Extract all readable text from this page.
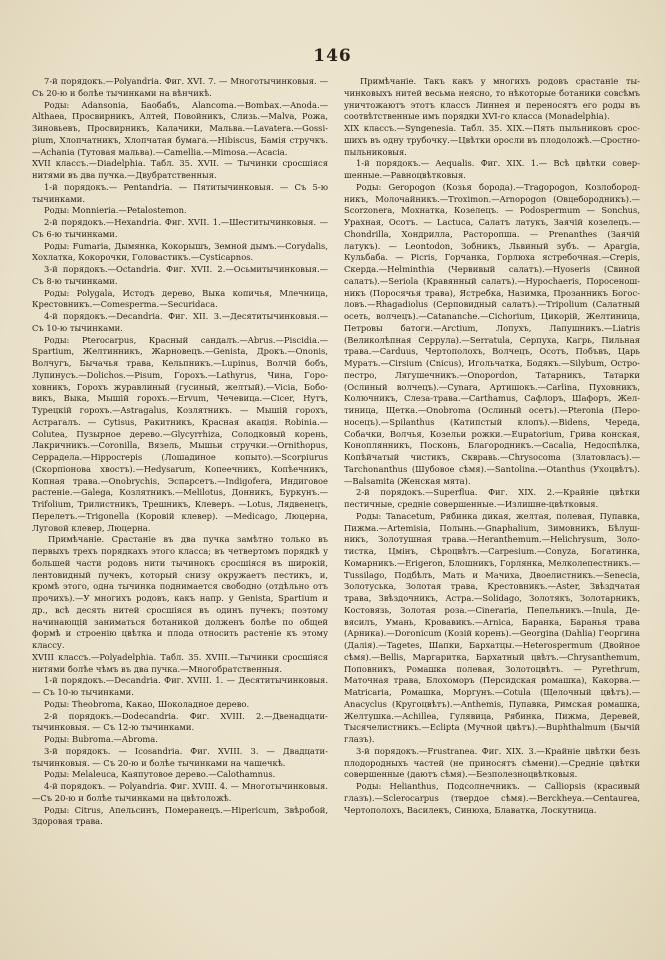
146

7-й порядокъ.—Polyandria. Фиг. XVI. 7. — Многотычинковыя. — Съ 20-ю и болѣе тычинками на вѣнчикѣ.

Роды: Adansonia, Баобабъ, Alancoma.—Bombax.—Anoda.—Althaea, Просвирникъ, Алтей, Повойникъ, Слизь.—Malva, Рожа, Зиновьевъ, Просвирникъ, Калачики, Мальва.—Lavatera.—Gossipium, Хлопчатникъ, Хлопчатая бумага.—Hibiscus, Бамія стручкъ.—Achania (Тутовая мальва).—Camellia.—Mimosa.—Acacia.

XVII классъ.—Diadelphia. Табл. 35. XVII. — Тычинки сросшіяся нитями въ два пучка.—Двубратственныя.

1-й порядокъ.— Pentandria. — Пятитычинковыя. — Съ 5-ю тычинками.

Роды: Monnieria.—Petalostemon.

2-й порядокъ.—Hexandria. Фиг. XVII. 1.—Шеститычинковыя. — Съ 6-ю тычинками.

Роды: Fumaria, Дымянка, Кокорышъ, Земной дымъ.—Corydalis, Хохлатка, Кокорочки, Головастикъ.—Cysticapnos.

3-й порядокъ.—Octandria. Фиг. XVII. 2.—Осьмитычинковыя.—Съ 8-ю тычинками.

Роды: Polygala, Истодъ дерево, Выка копичья, Млечница, Крестовникъ.—Comesperma.—Securidaca.

4-й порядокъ.—Decandria. Фиг. XII. 3.—Десятитычинковыя.—Съ 10-ю тычинками.

Роды: Pterocarpus, Красный сандалъ.—Abrus.—Piscidia.—Spartium, Желтинникъ, Жарновецъ.—Genista, Дрокъ.—Ononis, Волчугъ, Бычачья трава, Кельпникъ.—Lupinus, Волчій бобъ, Лупинусъ.—Dolichos.—Pisum, Горохъ.—Lathyrus, Чина, Гороховникъ, Горохъ журавлиный (гусиный, желтый).—Vicia, Бобовикъ, Выка, Мышій горохъ.—Ervum, Чечевица.—Cicer, Нутъ, Турецкій горохъ.—Astragalus, Козлятникъ. — Мышій горохъ, Астрагалъ. — Cytisus, Ракитникъ, Красная акація. Robinia.—Colutea, Пузырное дерево.—Glycyrrhiza, Солодковый корень, Лакричникъ.—Coronilla, Вязель, Мышьи стручки.—Ornithopus, Серрадела.—Hippocrepis (Лошадиное копыто).—Scorpiurus (Скорпіонова хвостъ).—Hedysarum, Копеечникъ, Копѣечникъ, Копная трава.—Onobrychis, Эспарсетъ.—Indigofera, Индиговое растеніе.—Galega, Козлятникъ.—Melilotus, Донникъ, Буркунъ.—Trifolium, Трилистникъ, Трешникъ, Клеверъ. —Lotus, Лядвенецъ, Перелетъ.—Trigonella (Коровій клевер). —Medicago, Люцерна, Луговой клевер, Люцерна.

Примѣчаніе. Срастаніе въ два пучка замѣтно только въ первыхъ трехъ порядкахъ этого класса; въ четвертомъ порядкѣ у большей части родовъ нити тычинокъ сросшіяся въ широкій, лентовидный пучекъ, который снизу окружаетъ пестикъ, и, кромѣ этого, одна тычинка поднимается свободно (отдѣльно отъ прочихъ).—У многихъ родовъ, какъ напр. у Genista, Spartium и др., всѣ десять нитей сросшіяся въ одинъ пучекъ; поэтому начинающій заниматься ботаникой долженъ болѣе по общей формѣ и строенію цвѣтка и плода относить растеніе къ этому классу.

XVIII классъ.—Polyadelphia. Табл. 35. XVIII.—Тычинки сросшіяся нитями болѣе чѣмъ въ два пучка.—Многобратственныя.

1-й порядокъ.—Decandria. Фиг. XVIII. 1. — Десятитычинковыя. — Съ 10-ю тычинками.

Роды: Theobroma, Какао, Шоколадное дерево.

2-й порядокъ.—Dodecandria. Фиг. XVIII. 2.—Двенадцатитычинковыя. — Съ 12-ю тычинками.

Роды: Bubroma.—Abroma.

3-й порядокъ. — Icosandria. Фиг. XVIII. 3. — Двадцатитычинковыя. — Съ 20-ю и болѣе тычинками на чашечкѣ.

Роды: Melaleuca, Каяпутовое дерево.—Calothamnus.

4-й порядокъ. — Polyandria. Фиг. XVIII. 4. — Многотычинковыя.—Съ 20-ю и болѣе тычинками на цвѣтоложѣ.

Роды: Citrus, Апельсинъ, Померанецъ.—Hipericum, Звѣробой, Здоровая трава.

Примѣчаніе. Такъ какъ у многихъ родовъ срастаніе тычинковыхъ нитей весьма неясно, то нѣкоторые ботаники совсѣмъ уничтожаютъ этотъ классъ Линнея и переносятъ его роды въ соотвѣтственные имъ порядки XVI-го класса (Monadelphia).

XIX классъ.—Syngenesia. Табл. 35. XIX.—Пять пыльниковъ сросшихъ въ одну трубочку.—Цвѣтки оросли въ плодоложѣ.—Сростнопыльниковыя.

1-й порядокъ.— Aequalis. Фиг. XIX. 1.— Всѣ цвѣтки совершенные.—Равноцвѣтковыя.

Роды: Geropogon (Козья борода).—Tragopogon, Козлобородникъ, Молочайникъ.—Troximon.—Arnopogon (Овцебородникъ).—Scorzonera, Мохнатка, Козелецъ. — Podospermum — Sonchus, Урахная, Осотъ. — Lactuca, Салатъ латукъ, Заячій козелецъ.—Chondrilla, Хондрилла, Расторопша. — Prenanthes (Заячій латукъ). — Leontodon, Зобникъ, Львиный зубъ. — Apargia, Кульбаба. — Picris, Горчанка, Горлюха ястребочная.—Crepis, Скерда.—Helminthia (Червивый салатъ).—Hyoseris (Свиной салатъ).—Seriola (Кравянный салатъ).—Hypochaeris, Поросеношникъ (Поросячья трава), Ястребка, Назимка, Прозанникъ Богословъ.—Rhagadiolus (Серповидный салатъ).—Tripolium (Салатный осеть, волчецъ).—Catananche.—Cichorium, Цикорій, Желтиница, Петровы батоги.—Arctium, Лопухъ, Лапушникъ.—Liatris (Великолѣпная Серрула).—Serratula, Серпуха, Кагрь, Пильная трава.—Carduus, Чертополохъ, Волчецъ, Осотъ, Побъвъ, Царь Муратъ.—Cirsium (Cnicus), Игольчатка, Бодякъ.—Silybum, Остро-пестро, Лягушечникъ.—Onopordon, Татарникъ, Татарки (Ослиный волчецъ).—Cynara, Артишокъ.—Carlina, Пуховникъ, Колючникъ, Слеза-трава.—Carthamus, Сафлоръ, Шафоръ, Желтиница, Щетка.—Onobroma (Ослиный осетъ).—Pteronia (Пероносецъ).—Spilanthus (Катипстый клопъ).—Bidens, Череда, Собачки, Волчья, Козельи рожки.—Eupatorium, Грива конская, Коноплянникъ, Посконь, Благородникъ.—Cacalia, Недоспѣлка, Копѣйчатый чистикъ, Сквравь.—Chrysocoma (Златовласъ).—Tarchonanthus (Шубовое сѣмя).—Santolina.—Otanthus (Ухоцвѣтъ).—Balsamita (Женская мята).

2-й порядокъ.—Superflua. Фиг. XIX. 2.—Крайніе цвѣтки пестичные, средніе совершенные.—Излишне-цвѣтковыя.

Роды: Tanacetum, Рябинка дикая, желтая, полевая, Пупавка, Пижма.—Artemisia, Полынь.—Gnaphalium, Зимовникъ, Бѣлушникъ, Золотушная трава.—Heranthemum.—Helichrysum, Золотистка, Цмінъ, Сѣроцвѣтъ.—Carpesium.—Conyza, Богатинка, Комарникъ.—Erigeron, Блошникъ, Горлянка, Мелколепестникъ.—Tussilago, Подбѣлъ, Мать и Мачиха, Двоелистникъ.—Senecia, Золотуська, Золотая трава, Крестовникъ.—Aster, Звѣздчатая трава, Звѣздочникъ, Астра.—Solidago, Золотякъ, Золотарникъ, Костовязь, Золотая роза.—Cineraria, Пепельникъ.—Inula, Девясилъ, Умань, Кровавикъ.—Arnica, Баранка, Баранья трава (Арника).—Doronicum (Козій корень).—Georgina (Dahlia) Георгина (Далія).—Tagetes, Шапки, Бархатцы.—Heterospermum (Двойное сѣмя).—Bellis, Маргаритка, Бархатный цвѣтъ.—Chrysanthemum, Поповникъ, Ромашка полевая, Золотоцвѣтъ. — Pyrethrum, Маточная трава, Блохоморъ (Персидская ромашка), Какорва.—Matricaria, Ромашка, Моргунъ.—Cotula (Щелочный цвѣтъ).—Anacyclus (Кругоцвѣтъ).—Anthemis, Пупавка, Римская ромашка, Желтушка.—Achillea, Гулявица, Рябинка, Пижма, Деревей, Тысячелистникъ.—Eclipta (Мучной цвѣтъ).—Buphthalmum (Бычій глазъ).

3-й порядокъ.—Frustranea. Фиг. XIX. 3.—Крайніе цвѣтки безъ плодородныхъ частей (не приносятъ сѣмени).—Средніе цвѣтки совершенные (даютъ сѣмя).—Безполезноцвѣтковыя.

Роды: Helianthus, Подсолнечникъ. — Calliopsis (красивый глазъ).—Sclerocarpus (твердое сѣмя).—Berckheya.—Centaurea, Чертополохъ, Василекъ, Синюха, Блаватка, Лоскутница.
